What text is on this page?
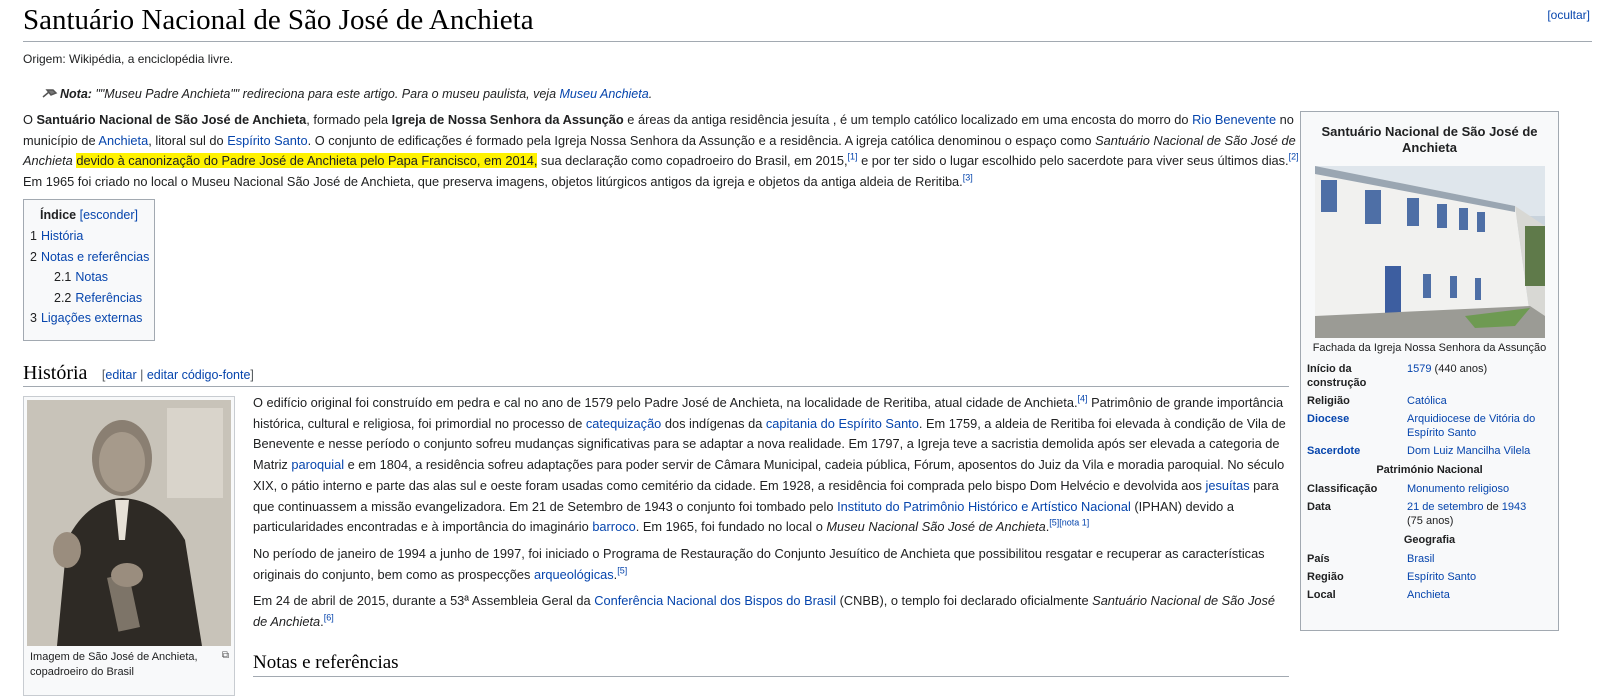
Santuário Nacional de São José de Anchieta	[ocultar]
Origem: Wikipédia, a enciclopédia livre.
Nota: ""Museu Padre Anchieta"" redireciona para este artigo. Para o museu paulista, veja Museu Anchieta.

O Santuário Nacional de São José de Anchieta, formado pela Igreja de Nossa Senhora da Assunção e áreas da antiga residência jesuíta , é um templo católico localizado em uma encosta do morro do Rio Benevente no município de Anchieta, litoral sul do Espírito Santo. O conjunto de edificações é formado pela Igreja Nossa Senhora da Assunção e a residência. A igreja católica denominou o espaço como Santuário Nacional de São José de Anchieta devido à canonização do Padre José de Anchieta pelo Papa Francisco, em 2014, sua declaração como copadroeiro do Brasil, em 2015,[1] e por ter sido o lugar escolhido pelo sacerdote para viver seus últimos dias.[2] Em 1965 foi criado no local o Museu Nacional São José de Anchieta, que preserva imagens, objetos litúrgicos antigos da igreja e objetos da antiga aldeia de Reritiba.[3]

Índice [esconder]
1 História
2 Notas e referências
2.1 Notas
2.2 Referências
3 Ligações externas
História [editar | editar código-fonte]
⧉
Imagem de São José de Anchieta, copadroeiro do Brasil

O edifício original foi construído em pedra e cal no ano de 1579 pelo Padre José de Anchieta, na localidade de Reritiba, atual cidade de Anchieta.[4] Patrimônio de grande importância histórica, cultural e religiosa, foi primordial no processo de catequização dos indígenas da capitania do Espírito Santo. Em 1759, a aldeia de Reritiba foi elevada à condição de Vila de Benevente e nesse período o conjunto sofreu mudanças significativas para se adaptar a nova realidade. Em 1797, a Igreja teve a sacristia demolida após ser elevada a categoria de Matriz paroquial e em 1804, a residência sofreu adaptações para poder servir de Câmara Municipal, cadeia pública, Fórum, aposentos do Juiz da Vila e moradia paroquial. No século XIX, o pátio interno e parte das alas sul e oeste foram usadas como cemitério da cidade. Em 1928, a residência foi comprada pelo bispo Dom Helvécio e devolvida aos jesuítas para que continuassem a missão evangelizadora. Em 21 de Setembro de 1943 o conjunto foi tombado pelo Instituto do Patrimônio Histórico e Artístico Nacional (IPHAN) devido a particularidades encontradas e à importância do imaginário barroco. Em 1965, foi fundado no local o Museu Nacional São José de Anchieta.[5][nota 1]

No período de janeiro de 1994 a junho de 1997, foi iniciado o Programa de Restauração do Conjunto Jesuítico de Anchieta que possibilitou resgatar e recuperar as características originais do conjunto, bem como as prospecções arqueológicas.[5]

Em 24 de abril de 2015, durante a 53ª Assembleia Geral da Conferência Nacional dos Bispos do Brasil (CNBB), o templo foi declarado oficialmente Santuário Nacional de São José de Anchieta.[6]

Notas e referências
Santuário Nacional de São José de Anchieta
Fachada da Igreja Nossa Senhora da Assunção
Início da construção	1579 (440 anos)
Religião	Católica
Diocese	Arquidiocese de Vitória do Espírito Santo
Sacerdote	Dom Luiz Mancilha Vilela
Património Nacional	
Classificação	Monumento religioso
Data	21 de setembro de 1943
(75 anos)
Geografia	
País	Brasil
Região	Espírito Santo
Local	Anchieta
